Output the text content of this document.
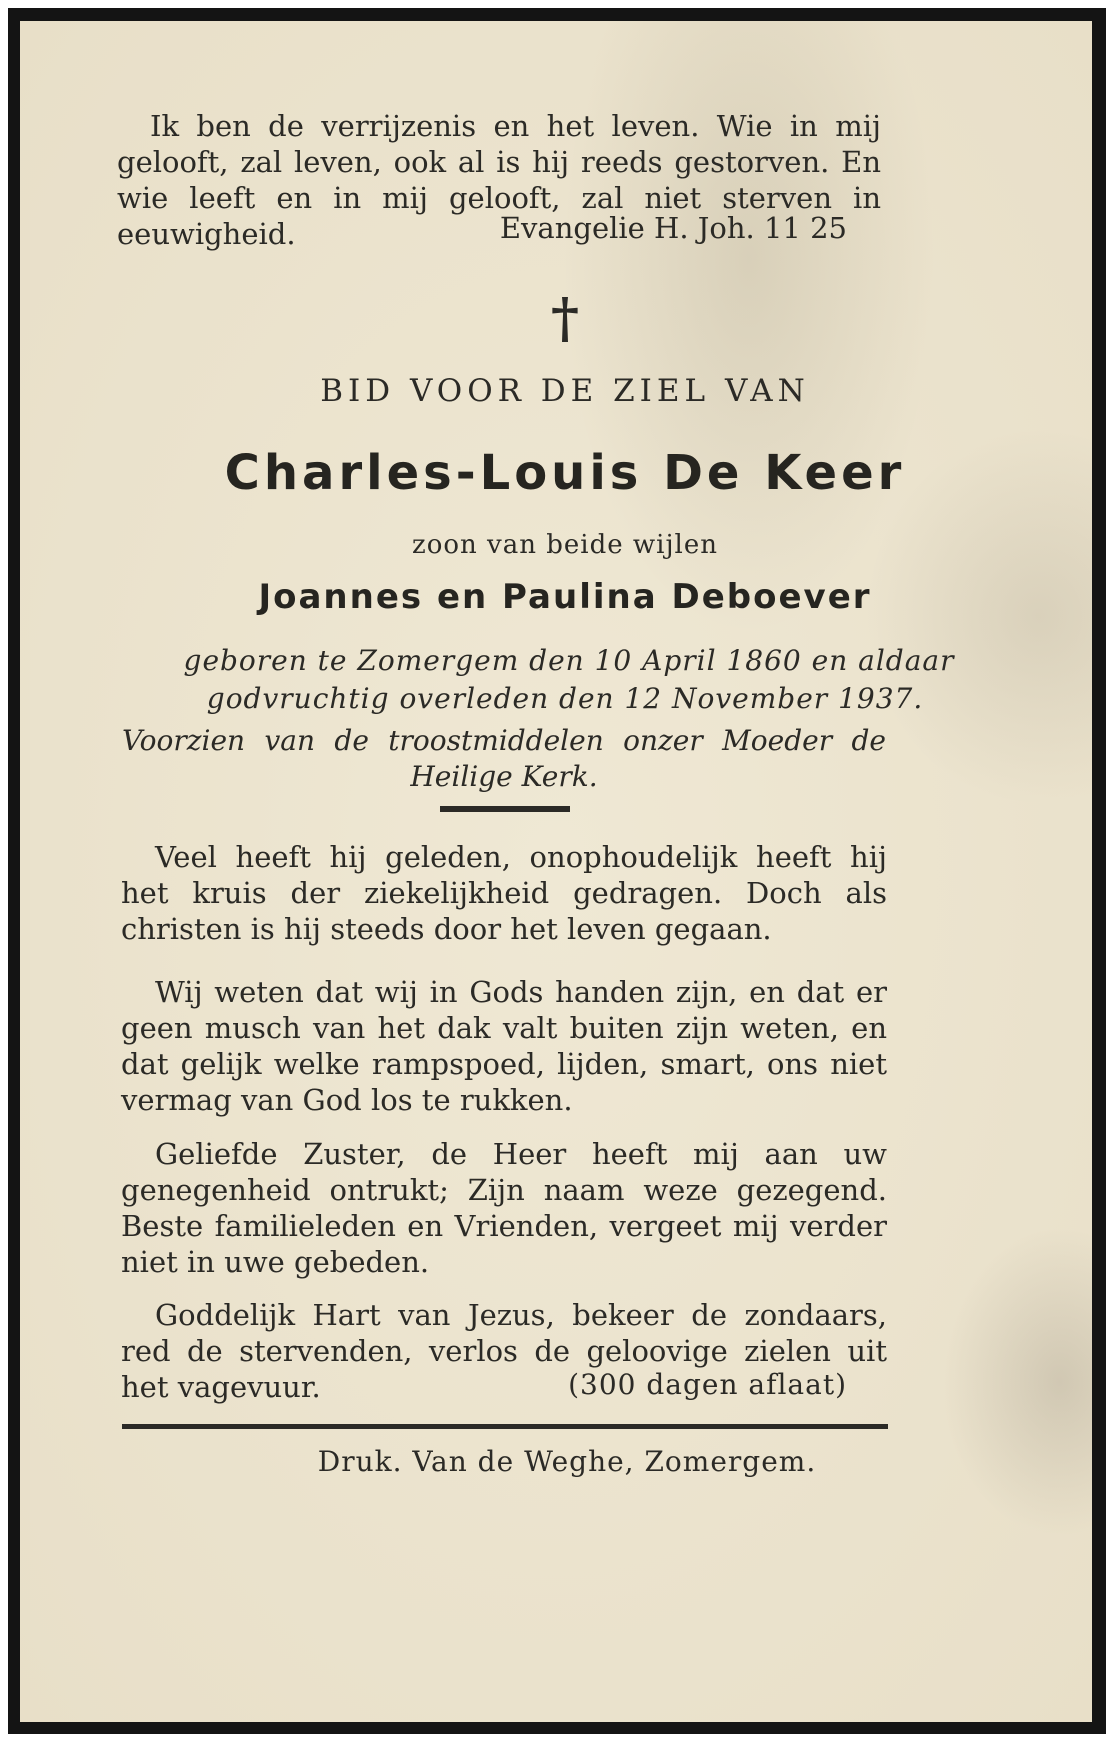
Ik ben de verrijzenis en het leven. Wie in mij gelooft, zal leven, ook al is hij reeds gestorven. En wie leeft en in mij gelooft, zal niet sterven in eeuwigheid.	Evangelie H. Joh. 11 25
†
BID VOOR DE ZIEL VAN
Charles-Louis De Keer
zoon van beide wijlen
Joannes en Paulina Deboever
geboren te Zomergem den 10 April 1860 en aldaar
godvruchtig overleden den 12 November 1937.

Voorzien van de troostmiddelen onzer Moeder de Heilige Kerk.

Veel heeft hij geleden, onophoudelijk heeft hij het kruis der ziekelijkheid gedragen. Doch als christen is hij steeds door het leven gegaan.

Wij weten dat wij in Gods handen zijn, en dat er geen musch van het dak valt buiten zijn weten, en dat gelijk welke rampspoed, lijden, smart, ons niet vermag van God los te rukken.

Geliefde Zuster, de Heer heeft mij aan uw genegenheid ontrukt; Zijn naam weze gezegend. Beste familieleden en Vrienden, vergeet mij verder niet in uwe gebeden.

Goddelijk Hart van Jezus, bekeer de zondaars, red de stervenden, verlos de geloovige zielen uit het vagevuur.	(300 dagen aflaat)
Druk. Van de Weghe, Zomergem.
